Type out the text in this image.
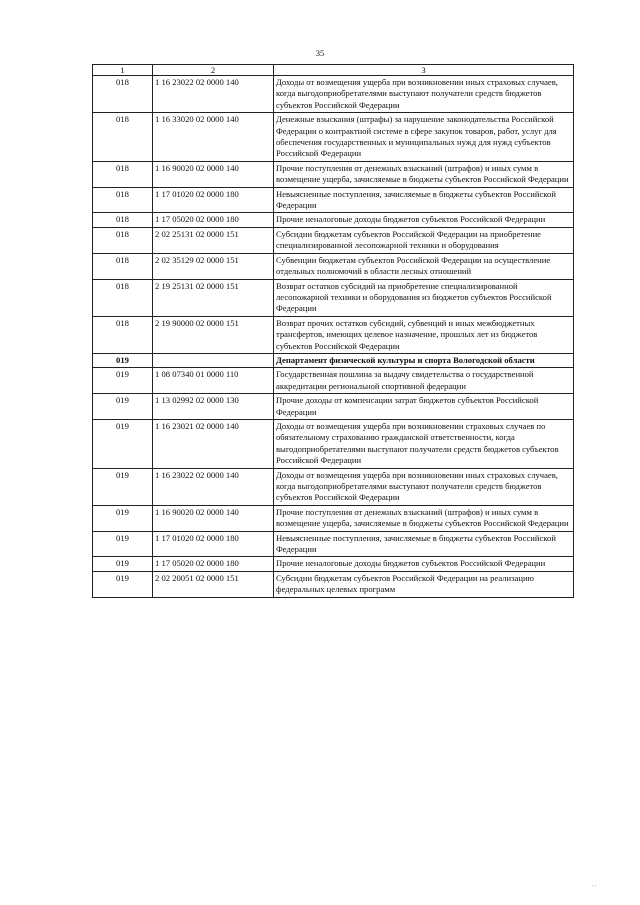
35
1	2	3
018	1 16 23022 02 0000 140	Доходы от возмещения ущерба при возникновении иных страховых случаев, когда выгодоприобретателями выступают получатели средств бюджетов субъектов Российской Федерации
018	1 16 33020 02 0000 140	Денежные взыскания (штрафы) за нарушение законодательства Российской Федерации о контрактной системе в сфере закупок товаров, работ, услуг для обеспечения государственных и муниципальных нужд для нужд субъектов Российской Федерации
018	1 16 90020 02 0000 140	Прочие поступления от денежных взысканий (штрафов) и иных сумм в возмещение ущерба, зачисляемые в бюджеты субъектов Российской Федерации
018	1 17 01020 02 0000 180	Невыясненные поступления, зачисляемые в бюджеты субъектов Российской Федерации
018	1 17 05020 02 0000 180	Прочие неналоговые доходы бюджетов субъектов Российской Федерации
018	2 02 25131 02 0000 151	Субсидии бюджетам субъектов Российской Федерации на приобретение специализированной лесопожарной техники и оборудования
018	2 02 35129 02 0000 151	Субвенции бюджетам субъектов Российской Федерации на осуществление отдельных полномочий в области лесных отношений
018	2 19 25131 02 0000 151	Возврат остатков субсидий на приобретение специализированной лесопожарной техники и оборудования из бюджетов субъектов Российской Федерации
018	2 19 90000 02 0000 151	Возврат прочих остатков субсидий, субвенций и иных межбюджетных трансфертов, имеющих целевое назначение, прошлых лет из бюджетов субъектов Российской Федерации
019		Департамент физической культуры и спорта Вологодской области
019	1 08 07340 01 0000 110	Государственная пошлина за выдачу свидетельства о государственной аккредитации региональной спортивной федерации
019	1 13 02992 02 0000 130	Прочие доходы от компенсации затрат бюджетов субъектов Российской Федерации
019	1 16 23021 02 0000 140	Доходы от возмещения ущерба при возникновении страховых случаев по обязательному страхованию гражданской ответственности, когда выгодоприобретателями выступают получатели средств бюджетов субъектов Российской Федерации
019	1 16 23022 02 0000 140	Доходы от возмещения ущерба при возникновении иных страховых случаев, когда выгодоприобретателями выступают получатели средств бюджетов субъектов Российской Федерации
019	1 16 90020 02 0000 140	Прочие поступления от денежных взысканий (штрафов) и иных сумм в возмещение ущерба, зачисляемые в бюджеты субъектов Российской Федерации
019	1 17 01020 02 0000 180	Невыясненные поступления, зачисляемые в бюджеты субъектов Российской Федерации
019	1 17 05020 02 0000 180	Прочие неналоговые доходы бюджетов субъектов Российской Федерации
019	2 02 20051 02 0000 151	Субсидии бюджетам субъектов Российской Федерации на реализацию федеральных целевых программ
' '
